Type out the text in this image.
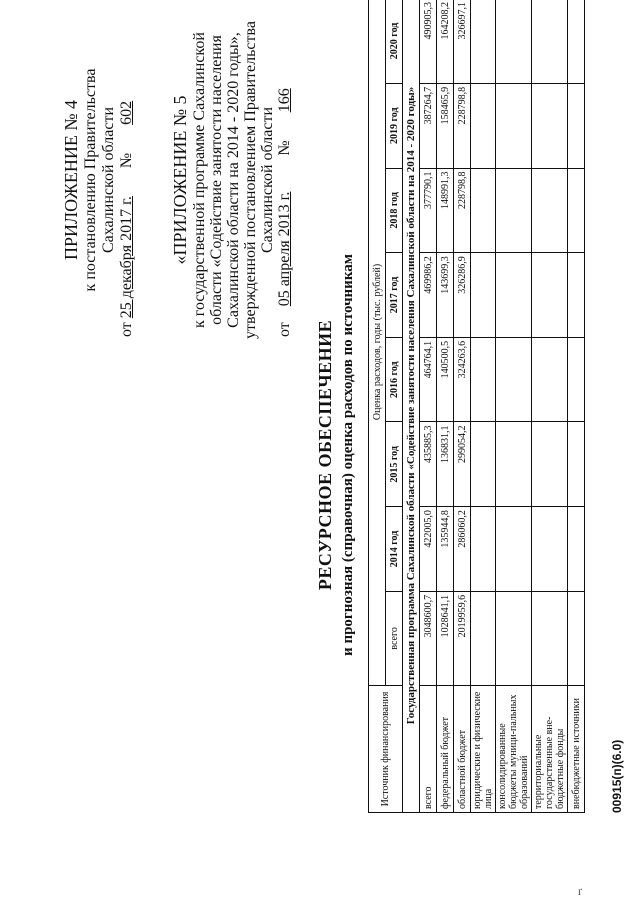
ПРИЛОЖЕНИЕ № 4 к постановлению Правительства Сахалинской области
от 25 декабря 2017 г.       №       602 «ПРИЛОЖЕНИЕ № 5 к государственной программе Сахалинской области «Содействие занятости населения Сахалинской области на 2014 - 2020 годы», утвержденной постановлением Правительства Сахалинской области
от    05 апреля 2013 г.         №       166
РЕСУРСНОЕ ОБЕСПЕЧЕНИЕ и прогнозная (справочная) оценка расходов по источникам
Источник финансирования	Оценка расходов, годы (тыс. рублей)							
	всего	2014 год	2015 год	2016 год	2017 год	2018 год	2019 год	2020 год
Государственная программа Сахалинской области «Содействие занятости населения Сахалинской области на 2014 - 2020 годы»								
всего	3048600,7	422005,0	435885,3	464764,1	469986,2	377790,1	387264,7	490905,3
федеральный бюджет	1028641,1	135944,8	136831,1	140500,5	143699,3	148991,3	158465,9	164208,2
областной бюджет	2019959,6	286060,2	299054,2	324263,6	326286,9	228798,8	228798,8	326697,1
юридические и физические лица								
консолидированные бюджеты муници-пальных образований								
территориальные государственные вне-бюджетные фонды								
внебюджетные источники								00915(п)(6.0)
ґ
